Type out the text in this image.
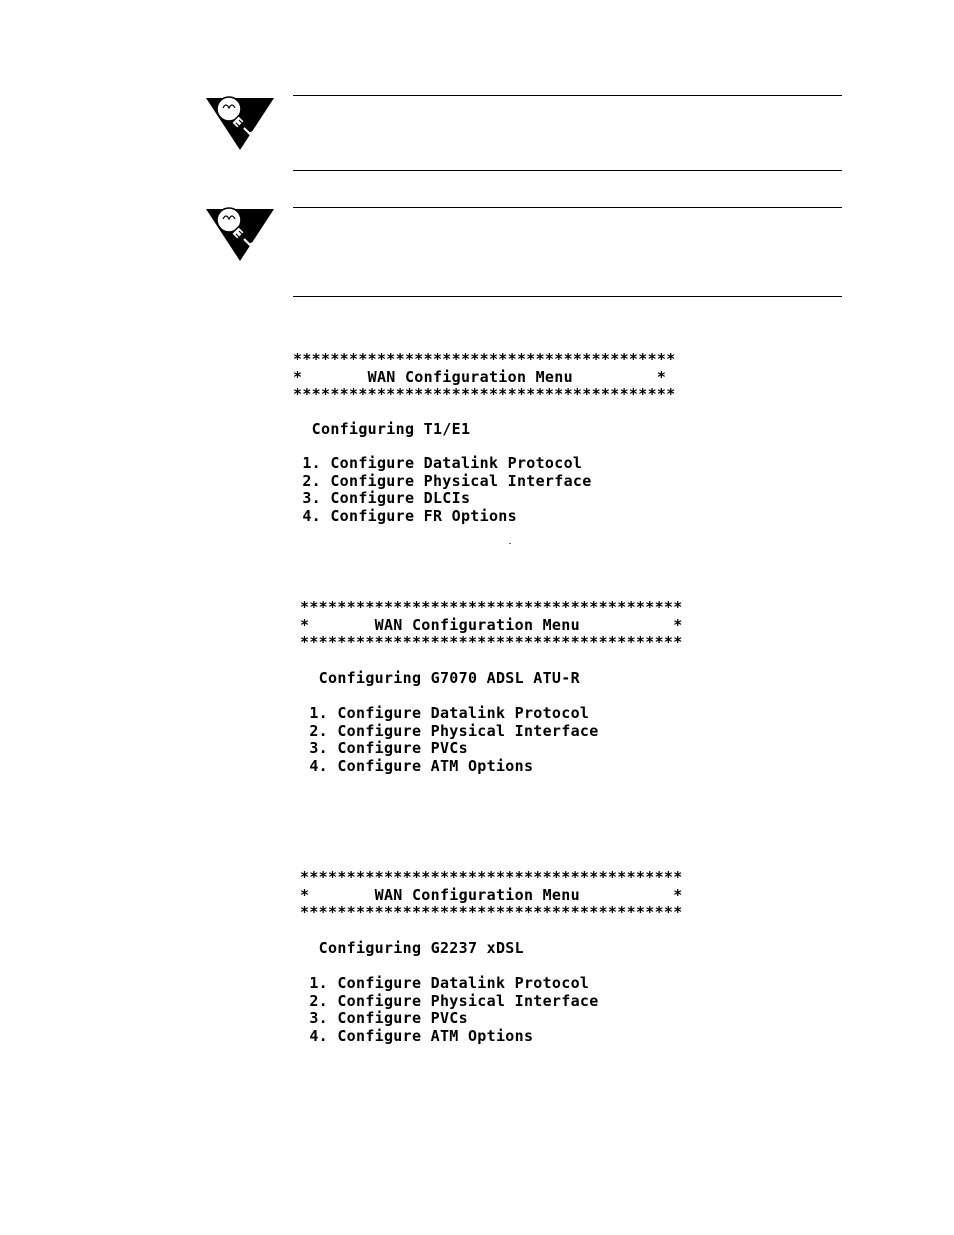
*****************************************
*       WAN Configuration Menu         *
*****************************************
Configuring T1/E1
1. Configure Datalink Protocol
2. Configure Physical Interface
3. Configure DLCIs
4. Configure FR Options
*****************************************
*       WAN Configuration Menu          *
*****************************************
Configuring G7070 ADSL ATU-R
1. Configure Datalink Protocol
2. Configure Physical Interface
3. Configure PVCs
4. Configure ATM Options
*****************************************
*       WAN Configuration Menu          *
*****************************************
Configuring G2237 xDSL
1. Configure Datalink Protocol
2. Configure Physical Interface
3. Configure PVCs
4. Configure ATM Options
